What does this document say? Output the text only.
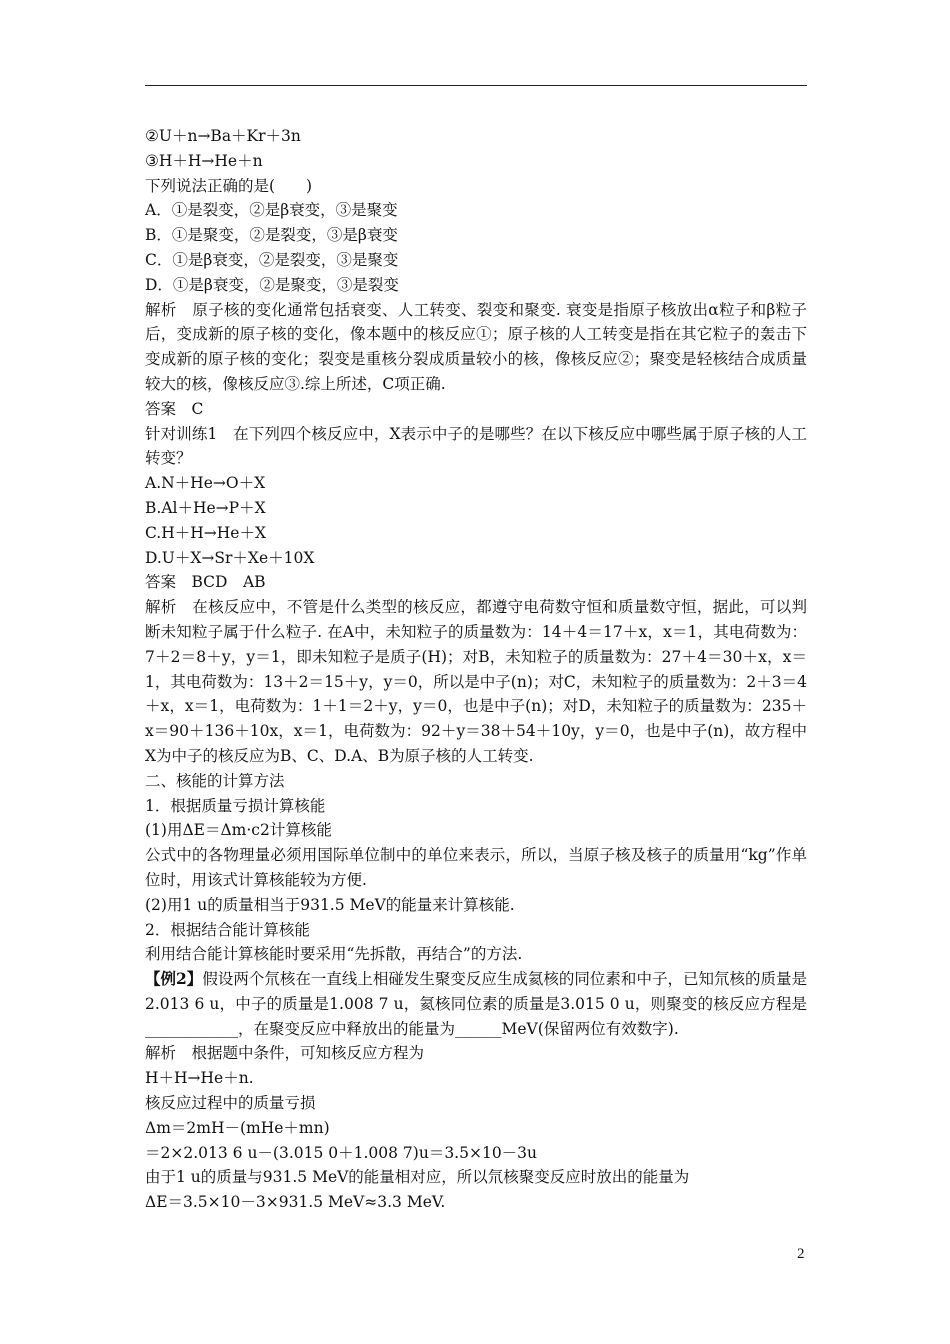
②U＋n→Ba＋Kr＋3n
③H＋H→He＋n
下列说法正确的是(　　)
A．①是裂变，②是β衰变，③是聚变
B．①是聚变，②是裂变，③是β衰变
C．①是β衰变，②是裂变，③是聚变
D．①是β衰变，②是聚变，③是裂变
解析　原子核的变化通常包括衰变、人工转变、裂变和聚变. 衰变是指原子核放出α粒子和β粒子后，变成新的原子核的变化，像本题中的核反应①；原子核的人工转变是指在其它粒子的轰击下变成新的原子核的变化；裂变是重核分裂成质量较小的核，像核反应②；聚变是轻核结合成质量较大的核，像核反应③.综上所述，C项正确.
答案　C
针对训练1　在下列四个核反应中，X表示中子的是哪些？在以下核反应中哪些属于原子核的人工转变？
A.N＋He→O＋X
B.Al＋He→P＋X
C.H＋H→He＋X
D.U＋X→Sr＋Xe＋10X
答案　BCD　AB
解析　在核反应中，不管是什么类型的核反应，都遵守电荷数守恒和质量数守恒，据此，可以判断未知粒子属于什么粒子. 在A中，未知粒子的质量数为：14＋4＝17＋x，x＝1，其电荷数为：7＋2＝8＋y，y＝1，即未知粒子是质子(H)；对B，未知粒子的质量数为：27＋4＝30＋x，x＝1，其电荷数为：13＋2＝15＋y，y＝0，所以是中子(n)；对C，未知粒子的质量数为：2＋3＝4＋x，x＝1，电荷数为：1＋1＝2＋y，y＝0，也是中子(n)；对D，未知粒子的质量数为：235＋x＝90＋136＋10x，x＝1，电荷数为：92＋y＝38＋54＋10y，y＝0，也是中子(n)，故方程中X为中子的核反应为B、C、D.A、B为原子核的人工转变.
二、核能的计算方法
1．根据质量亏损计算核能
(1)用ΔE＝Δm·c2计算核能
公式中的各物理量必须用国际单位制中的单位来表示，所以，当原子核及核子的质量用“kg”作单位时，用该式计算核能较为方便.
(2)用1 u的质量相当于931.5 MeV的能量来计算核能.
2．根据结合能计算核能
利用结合能计算核能时要采用“先拆散，再结合”的方法.
【例2】假设两个氘核在一直线上相碰发生聚变反应生成氦核的同位素和中子，已知氘核的质量是2.013 6 u，中子的质量是1.008 7 u，氦核同位素的质量是3.015 0 u，则聚变的核反应方程是____________，在聚变反应中释放出的能量为______MeV(保留两位有效数字).
解析　根据题中条件，可知核反应方程为
H＋H→He＋n.
核反应过程中的质量亏损
Δm＝2mH－(mHe＋mn)
＝2×2.013 6 u－(3.015 0＋1.008 7)u＝3.5×10－3u
由于1 u的质量与931.5 MeV的能量相对应，所以氘核聚变反应时放出的能量为
ΔE＝3.5×10－3×931.5 MeV≈3.3 MeV.
2
